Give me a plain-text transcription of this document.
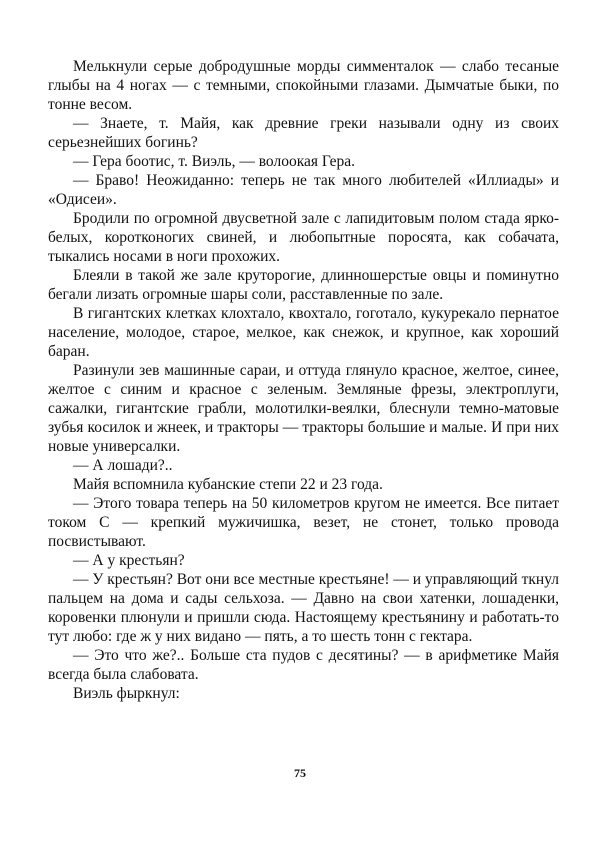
Мелькнули серые добродушные морды симменталок — слабо тесаные глыбы на 4 ногах — с темными, спокойными глазами. Дымчатые быки, по тонне весом.

— Знаете, т. Майя, как древние греки называли одну из своих серьезнейших богинь?

— Гера боотис, т. Виэль, — волоокая Гера.

— Браво! Неожиданно: теперь не так много любителей «Иллиады» и «Одисеи».

Бродили по огромной двусветной зале с лапидитовым полом стада ярко-белых, коротконогих свиней, и любопытные поросята, как собачата, тыкались носами в ноги прохожих.

Блеяли в такой же зале круторогие, длинношерстые овцы и поминутно бегали лизать огромные шары соли, расставленные по зале.

В гигантских клетках клохтало, квохтало, гоготало, кукурекало пернатое население, молодое, старое, мелкое, как снежок, и крупное, как хороший баран.

Разинули зев машинные сараи, и оттуда глянуло красное, желтое, синее, желтое с синим и красное с зеленым. Земляные фрезы, электроплуги, сажалки, гигантские грабли, молотилки-веялки, блеснули темно-матовые зубья косилок и жнеек, и тракторы — тракторы большие и малые. И при них новые универсалки.

— А лошади?..

Майя вспомнила кубанские степи 22 и 23 года.

— Этого товара теперь на 50 километров кругом не имеется. Все питает током С — крепкий мужичишка, везет, не стонет, только провода посвистывают.

— А у крестьян?

— У крестьян? Вот они все местные крестьяне! — и управляющий ткнул пальцем на дома и сады сельхоза. — Давно на свои хатенки, лошаденки, коровенки плюнули и пришли сюда. Настоящему крестьянину и работать-то тут любо: где ж у них видано — пять, а то шесть тонн с гектара.

— Это что же?.. Больше ста пудов с десятины? — в арифметике Майя всегда была слабовата.

Виэль фыркнул:

75
